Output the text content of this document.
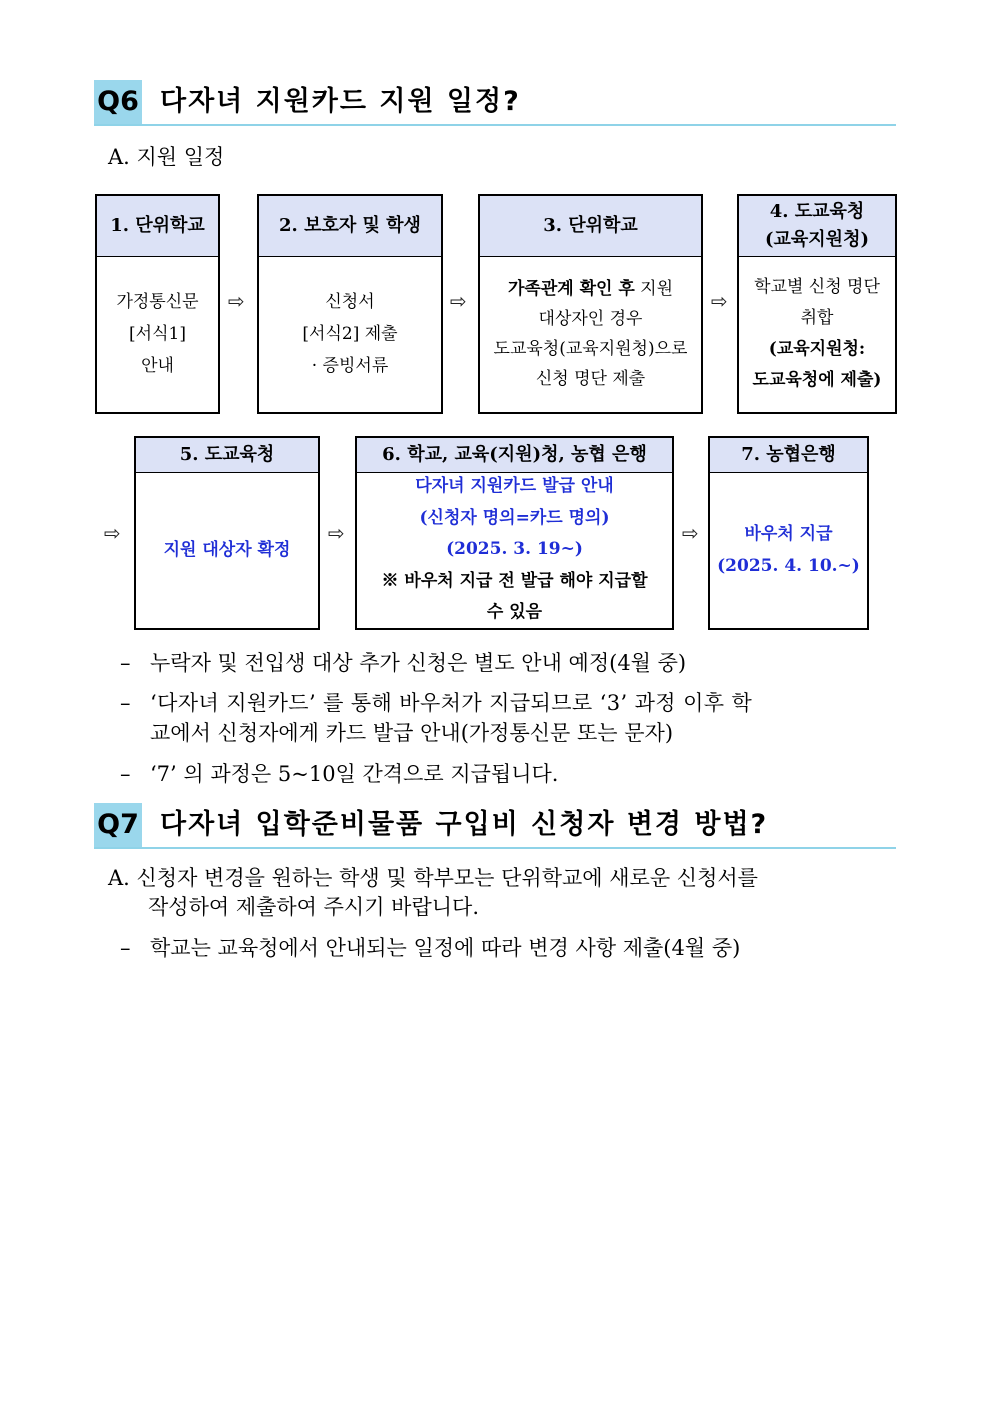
Q6 다자녀 지원카드 지원 일정?
A. 지원 일정
1. 단위학교
가정통신문
[서식1]
안내
⇨
2. 보호자 및 학생
신청서
[서식2] 제출
· 증빙서류
⇨
3. 단위학교
가족관계 확인 후 지원
대상자인 경우
도교육청(교육지원청)으로
신청 명단 제출
⇨
4. 도교육청
(교육지원청)
학교별 신청 명단
취합
(교육지원청:
도교육청에 제출)
⇨
5. 도교육청
지원 대상자 확정
⇨
6. 학교, 교육(지원)청, 농협 은행
다자녀 지원카드 발급 안내
(신청자 명의=카드 명의)
(2025. 3. 19~)
※ 바우처 지급 전 발급 해야 지급할
수 있음
⇨
7. 농협은행
바우처 지급
(2025. 4. 10.~)
– 누락자 및 전입생 대상 추가 신청은 별도 안내 예정(4월 중)
– ‘다자녀 지원카드’ 를 통해 바우처가 지급되므로 ‘3’ 과정 이후 학
교에서 신청자에게 카드 발급 안내(가정통신문 또는 문자)
– ‘7’ 의 과정은 5~10일 간격으로 지급됩니다.
Q7 다자녀 입학준비물품 구입비 신청자 변경 방법?
A. 신청자 변경을 원하는 학생 및 학부모는 단위학교에 새로운 신청서를
작성하여 제출하여 주시기 바랍니다.
– 학교는 교육청에서 안내되는 일정에 따라 변경 사항 제출(4월 중)
